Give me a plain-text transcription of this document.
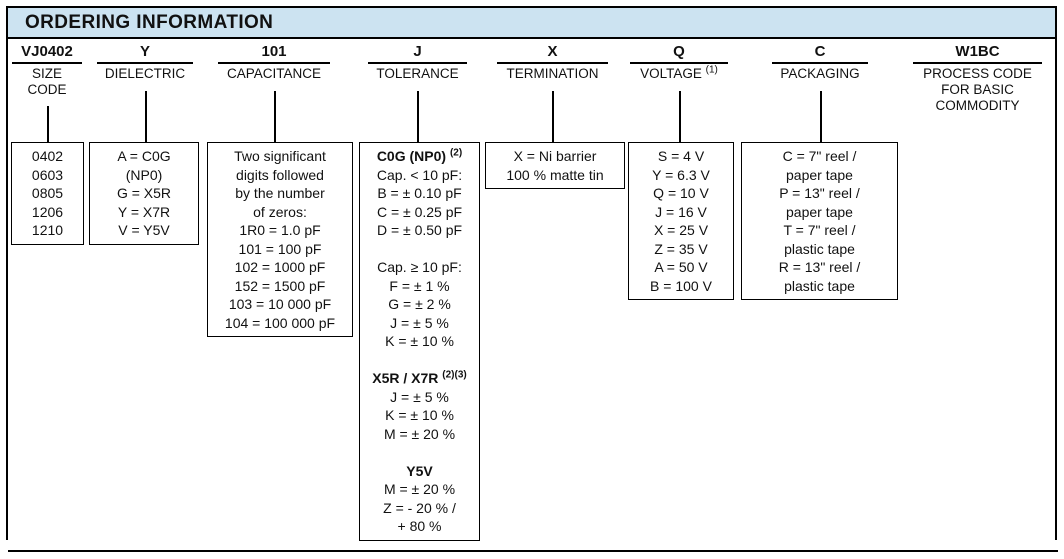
ORDERING INFORMATION
VJ0402
SIZE
CODE
Y
DIELECTRIC
101
CAPACITANCE
J
TOLERANCE
X
TERMINATION
Q
VOLTAGE $^{(1)}$
C
PACKAGING
W1BC
PROCESS CODE
FOR BASIC
COMMODITY
0402
0603
0805
1206
1210
A = C0G
(NP0)
G = X5R
Y = X7R
V = Y5V
Two significant
digits followed
by the number
of zeros:
1R0 = 1.0 pF
101 = 100 pF
102 = 1000 pF
152 = 1500 pF
103 = 10 000 pF
104 = 100 000 pF
C0G (NP0) $^{(2)}$
Cap. < 10 pF:
B = ± 0.10 pF
C = ± 0.25 pF
D = ± 0.50 pF

Cap. ≥ 10 pF:
F = ± 1 %
G = ± 2 %
J = ± 5 %
K = ± 10 %

X5R / X7R $^{(2)(3)}$
J = ± 5 %
K = ± 10 %
M = ± 20 %

Y5V
M = ± 20 %
Z = - 20 % /
+ 80 %
X = Ni barrier
100 % matte tin
S = 4 V
Y = 6.3 V
Q = 10 V
J = 16 V
X = 25 V
Z = 35 V
A = 50 V
B = 100 V
C = 7" reel /
paper tape
P = 13" reel /
paper tape
T = 7" reel /
plastic tape
R = 13" reel /
plastic tape
